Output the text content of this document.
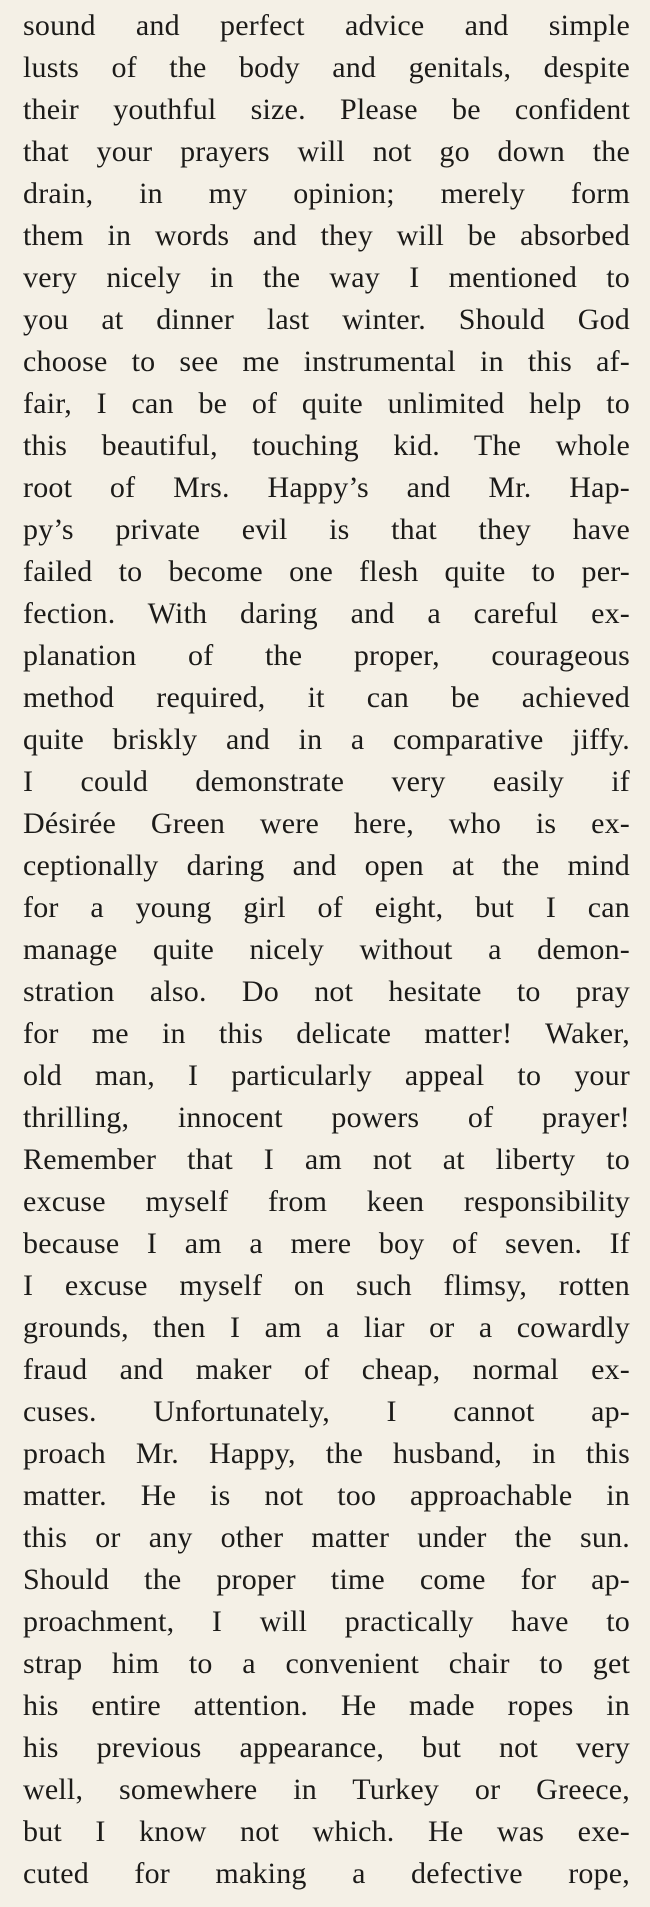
sound and perfect advice and simple
lusts of the body and genitals, despite
their youthful size. Please be confident
that your prayers will not go down the
drain, in my opinion; merely form
them in words and they will be absorbed
very nicely in the way I mentioned to
you at dinner last winter. Should God
choose to see me instrumental in this af-
fair, I can be of quite unlimited help to
this beautiful, touching kid. The whole
root of Mrs. Happy’s and Mr. Hap-
py’s private evil is that they have
failed to become one flesh quite to per-
fection. With daring and a careful ex-
planation of the proper, courageous
method required, it can be achieved
quite briskly and in a comparative jiffy.
I could demonstrate very easily if
Désirée Green were here, who is ex-
ceptionally daring and open at the mind
for a young girl of eight, but I can
manage quite nicely without a demon-
stration also. Do not hesitate to pray
for me in this delicate matter! Waker,
old man, I particularly appeal to your
thrilling, innocent powers of prayer!
Remember that I am not at liberty to
excuse myself from keen responsibility
because I am a mere boy of seven. If
I excuse myself on such flimsy, rotten
grounds, then I am a liar or a cowardly
fraud and maker of cheap, normal ex-
cuses. Unfortunately, I cannot ap-
proach Mr. Happy, the husband, in this
matter. He is not too approachable in
this or any other matter under the sun.
Should the proper time come for ap-
proachment, I will practically have to
strap him to a convenient chair to get
his entire attention. He made ropes in
his previous appearance, but not very
well, somewhere in Turkey or Greece,
but I know not which. He was exe-
cuted for making a defective rope,
